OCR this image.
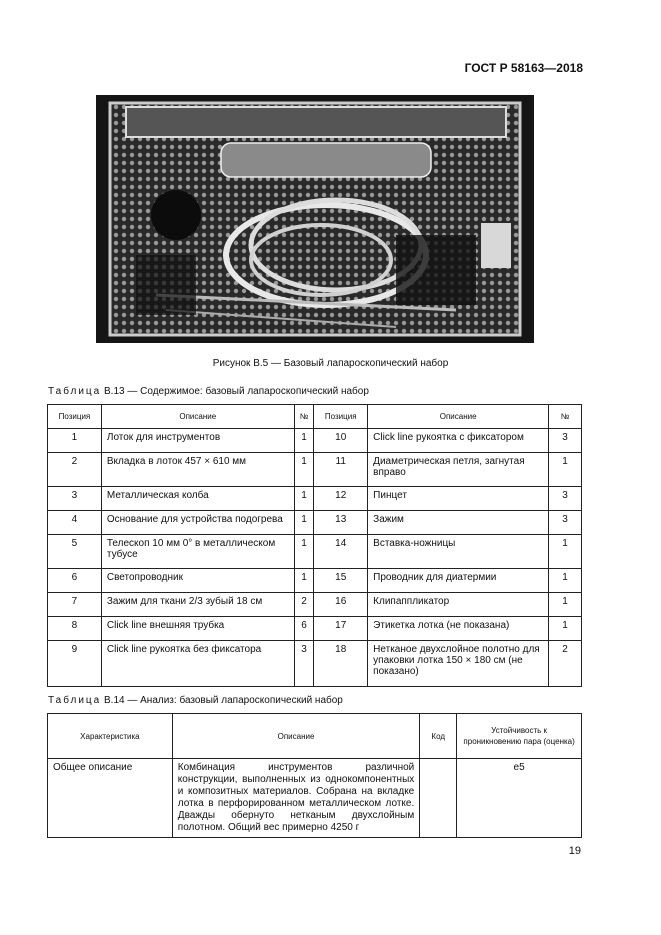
ГОСТ Р 58163—2018
Рисунок В.5 — Базовый лапароскопический набор
Таблица В.13 — Содержимое: базовый лапароскопический набор
Позиция	Описание	№	Позиция	Описание	№
1	Лоток для инструментов	1	10	Click line рукоятка с фиксатором	3
2	Вкладка в лоток 457 × 610 мм	1	11	Диаметрическая петля, загнутая вправо	1
3	Металлическая колба	1	12	Пинцет	3
4	Основание для устройства подогрева	1	13	Зажим	3
5	Телескоп 10 мм 0° в металлическом тубусе	1	14	Вставка-ножницы	1
6	Светопроводник	1	15	Проводник для диатермии	1
7	Зажим для ткани 2/3 зубый 18 см	2	16	Клипаппликатор	1
8	Click line внешняя трубка	6	17	Этикетка лотка (не показана)	1
9	Click line рукоятка без фиксатора	3	18	Нетканое двухслойное полотно для упаковки лотка 150 × 180 см (не показано)	2
Таблица В.14 — Анализ: базовый лапароскопический набор
Характеристика	Описание	Код	Устойчивость к проникновению пара (оценка)
Общее описание	Комбинация инструментов различной конструкции, выполненных из однокомпонентных и композитных материалов. Собрана на вкладке лотка в перфорированном металлическом лотке. Дважды обернуто нетканым двухслойным полотном. Общий вес примерно 4250 г		е5
19
